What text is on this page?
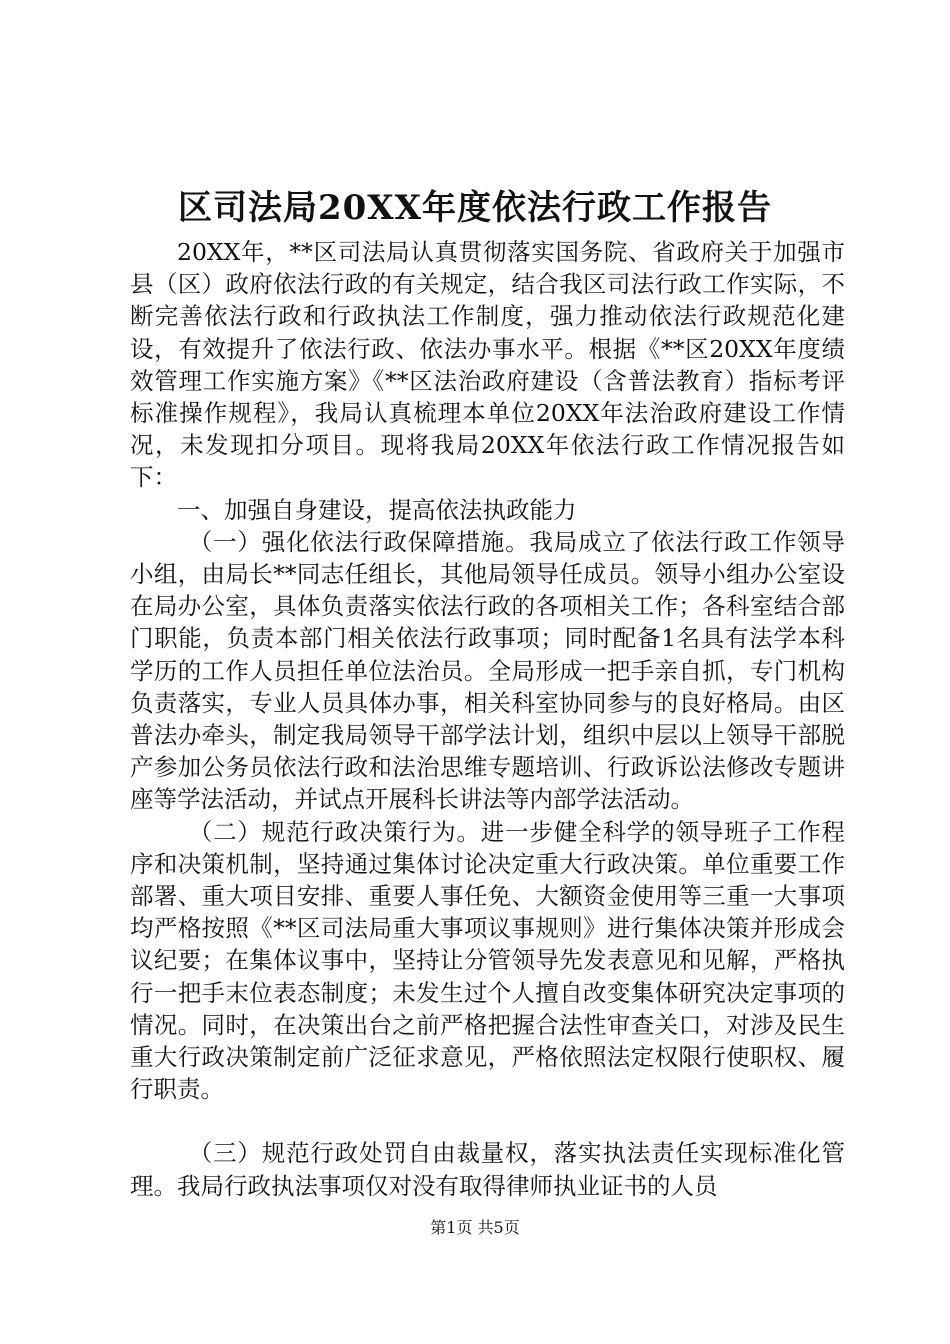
区司法局20XX年度依法行政工作报告

20XX年，**区司法局认真贯彻落实国务院、省政府关于加强市县（区）政府依法行政的有关规定，结合我区司法行政工作实际，不断完善依法行政和行政执法工作制度，强力推动依法行政规范化建设，有效提升了依法行政、依法办事水平。根据《**区20XX年度绩效管理工作实施方案》《**区法治政府建设（含普法教育）指标考评标准操作规程》，我局认真梳理本单位20XX年法治政府建设工作情况，未发现扣分项目。现将我局20XX年依法行政工作情况报告如下：

一、加强自身建设，提高依法执政能力

（一）强化依法行政保障措施。我局成立了依法行政工作领导小组，由局长**同志任组长，其他局领导任成员。领导小组办公室设在局办公室，具体负责落实依法行政的各项相关工作；各科室结合部门职能，负责本部门相关依法行政事项；同时配备1名具有法学本科学历的工作人员担任单位法治员。全局形成一把手亲自抓，专门机构负责落实，专业人员具体办事，相关科室协同参与的良好格局。由区普法办牵头，制定我局领导干部学法计划，组织中层以上领导干部脱产参加公务员依法行政和法治思维专题培训、行政诉讼法修改专题讲座等学法活动，并试点开展科长讲法等内部学法活动。

（二）规范行政决策行为。进一步健全科学的领导班子工作程序和决策机制，坚持通过集体讨论决定重大行政决策。单位重要工作部署、重大项目安排、重要人事任免、大额资金使用等三重一大事项均严格按照《**区司法局重大事项议事规则》进行集体决策并形成会议纪要；在集体议事中，坚持让分管领导先发表意见和见解，严格执行一把手末位表态制度；未发生过个人擅自改变集体研究决定事项的情况。同时，在决策出台之前严格把握合法性审查关口，对涉及民生重大行政决策制定前广泛征求意见，严格依照法定权限行使职权、履行职责。

（三）规范行政处罚自由裁量权，落实执法责任实现标准化管理。我局行政执法事项仅对没有取得律师执业证书的人员

第1页 共5页
